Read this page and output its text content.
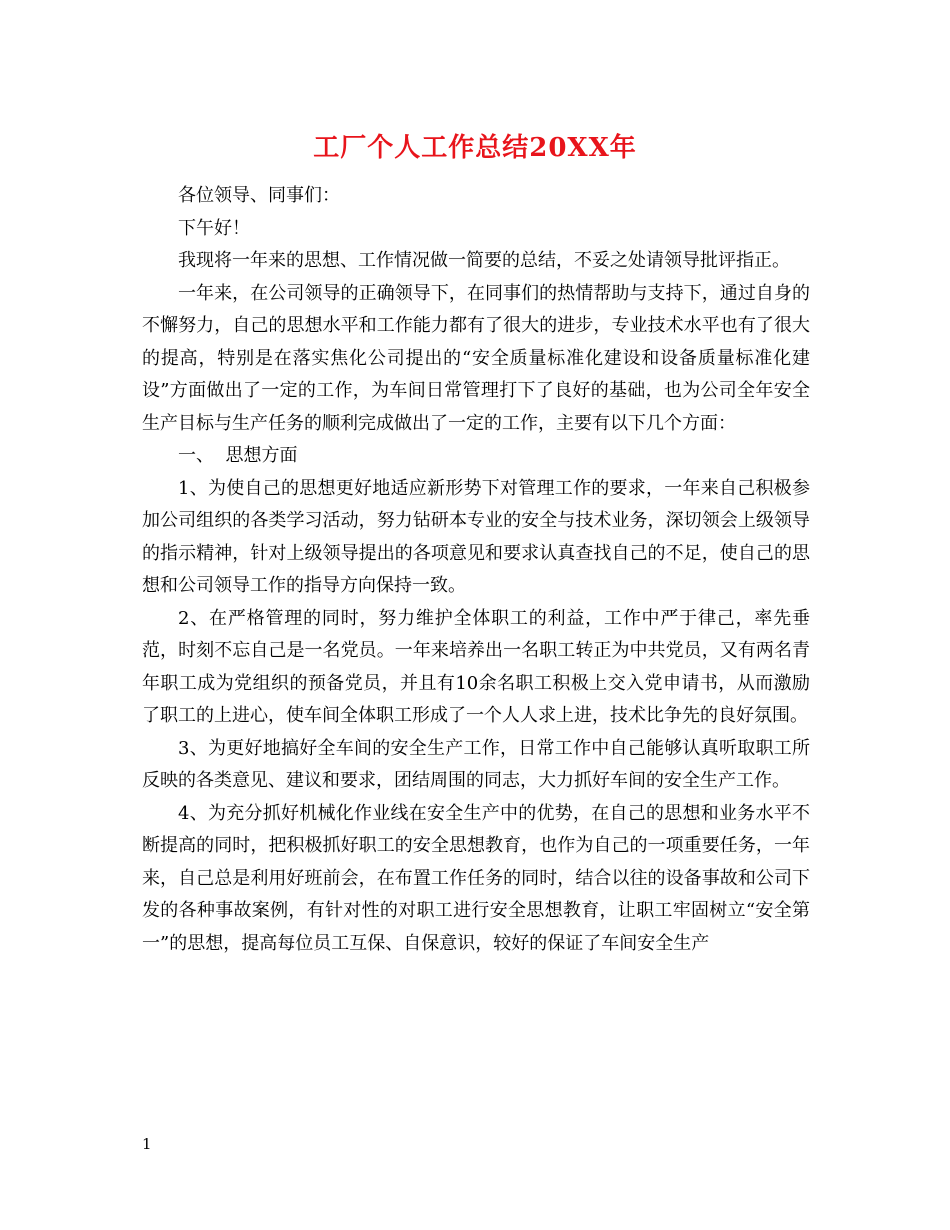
工厂个人工作总结20XX年

各位领导、同事们：

下午好！

我现将一年来的思想、工作情况做一简要的总结，不妥之处请领导批评指正。

一年来，在公司领导的正确领导下，在同事们的热情帮助与支持下，通过自身的不懈努力，自己的思想水平和工作能力都有了很大的进步，专业技术水平也有了很大的提高，特别是在落实焦化公司提出的“安全质量标准化建设和设备质量标准化建设”方面做出了一定的工作，为车间日常管理打下了良好的基础，也为公司全年安全生产目标与生产任务的顺利完成做出了一定的工作，主要有以下几个方面：

一、  思想方面

1、为使自己的思想更好地适应新形势下对管理工作的要求，一年来自己积极参加公司组织的各类学习活动，努力钻研本专业的安全与技术业务，深切领会上级领导的指示精神，针对上级领导提出的各项意见和要求认真查找自己的不足，使自己的思想和公司领导工作的指导方向保持一致。

2、在严格管理的同时，努力维护全体职工的利益，工作中严于律己，率先垂范，时刻不忘自己是一名党员。一年来培养出一名职工转正为中共党员，又有两名青年职工成为党组织的预备党员，并且有10余名职工积极上交入党申请书，从而激励了职工的上进心，使车间全体职工形成了一个人人求上进，技术比争先的良好氛围。

3、为更好地搞好全车间的安全生产工作，日常工作中自己能够认真听取职工所反映的各类意见、建议和要求，团结周围的同志，大力抓好车间的安全生产工作。

4、为充分抓好机械化作业线在安全生产中的优势，在自己的思想和业务水平不断提高的同时，把积极抓好职工的安全思想教育，也作为自己的一项重要任务，一年来，自己总是利用好班前会，在布置工作任务的同时，结合以往的设备事故和公司下发的各种事故案例，有针对性的对职工进行安全思想教育，让职工牢固树立“安全第一”的思想，提高每位员工互保、自保意识，较好的保证了车间安全生产

1
